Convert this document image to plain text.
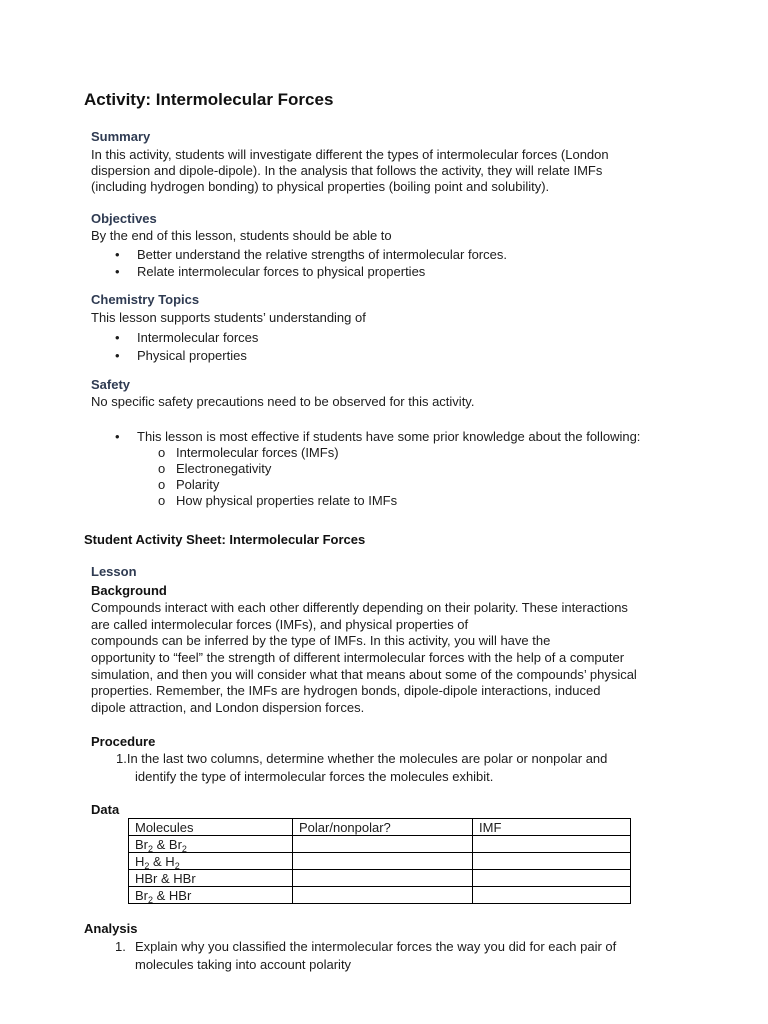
Activity: Intermolecular Forces
Summary
In this activity, students will investigate different the types of intermolecular forces (London
dispersion and dipole-dipole). In the analysis that follows the activity, they will relate IMFs
(including hydrogen bonding) to physical properties (boiling point and solubility).
Objectives
By the end of this lesson, students should be able to
•	Better understand the relative strengths of intermolecular forces.
•	Relate intermolecular forces to physical properties
Chemistry Topics
This lesson supports students’ understanding of
•	Intermolecular forces
•	Physical properties
Safety
No specific safety precautions need to be observed for this activity.
•	This lesson is most effective if students have some prior knowledge about the following:
o Intermolecular forces (IMFs)
o Electronegativity
o Polarity
o How physical properties relate to IMFs
Student Activity Sheet: Intermolecular Forces
Lesson
Background
Compounds interact with each other differently depending on their polarity. These interactions
are called intermolecular forces (IMFs), and physical properties of
compounds can be inferred by the type of IMFs. In this activity, you will have the
opportunity to “feel” the strength of different intermolecular forces with the help of a computer
simulation, and then you will consider what that means about some of the compounds’ physical
properties. Remember, the IMFs are hydrogen bonds, dipole-dipole interactions, induced
dipole attraction, and London dispersion forces.
Procedure
1.In the last two columns, determine whether the molecules are polar or nonpolar and
identify the type of intermolecular forces the molecules exhibit.
Data
Molecules	Polar/nonpolar?	IMF
$Br_2$ & $Br_2$		
$H_2$ & $H_2$		
HBr & HBr		
$Br_2$ & HBr		
Analysis
1. Explain why you classified the intermolecular forces the way you did for each pair of
molecules taking into account polarity
